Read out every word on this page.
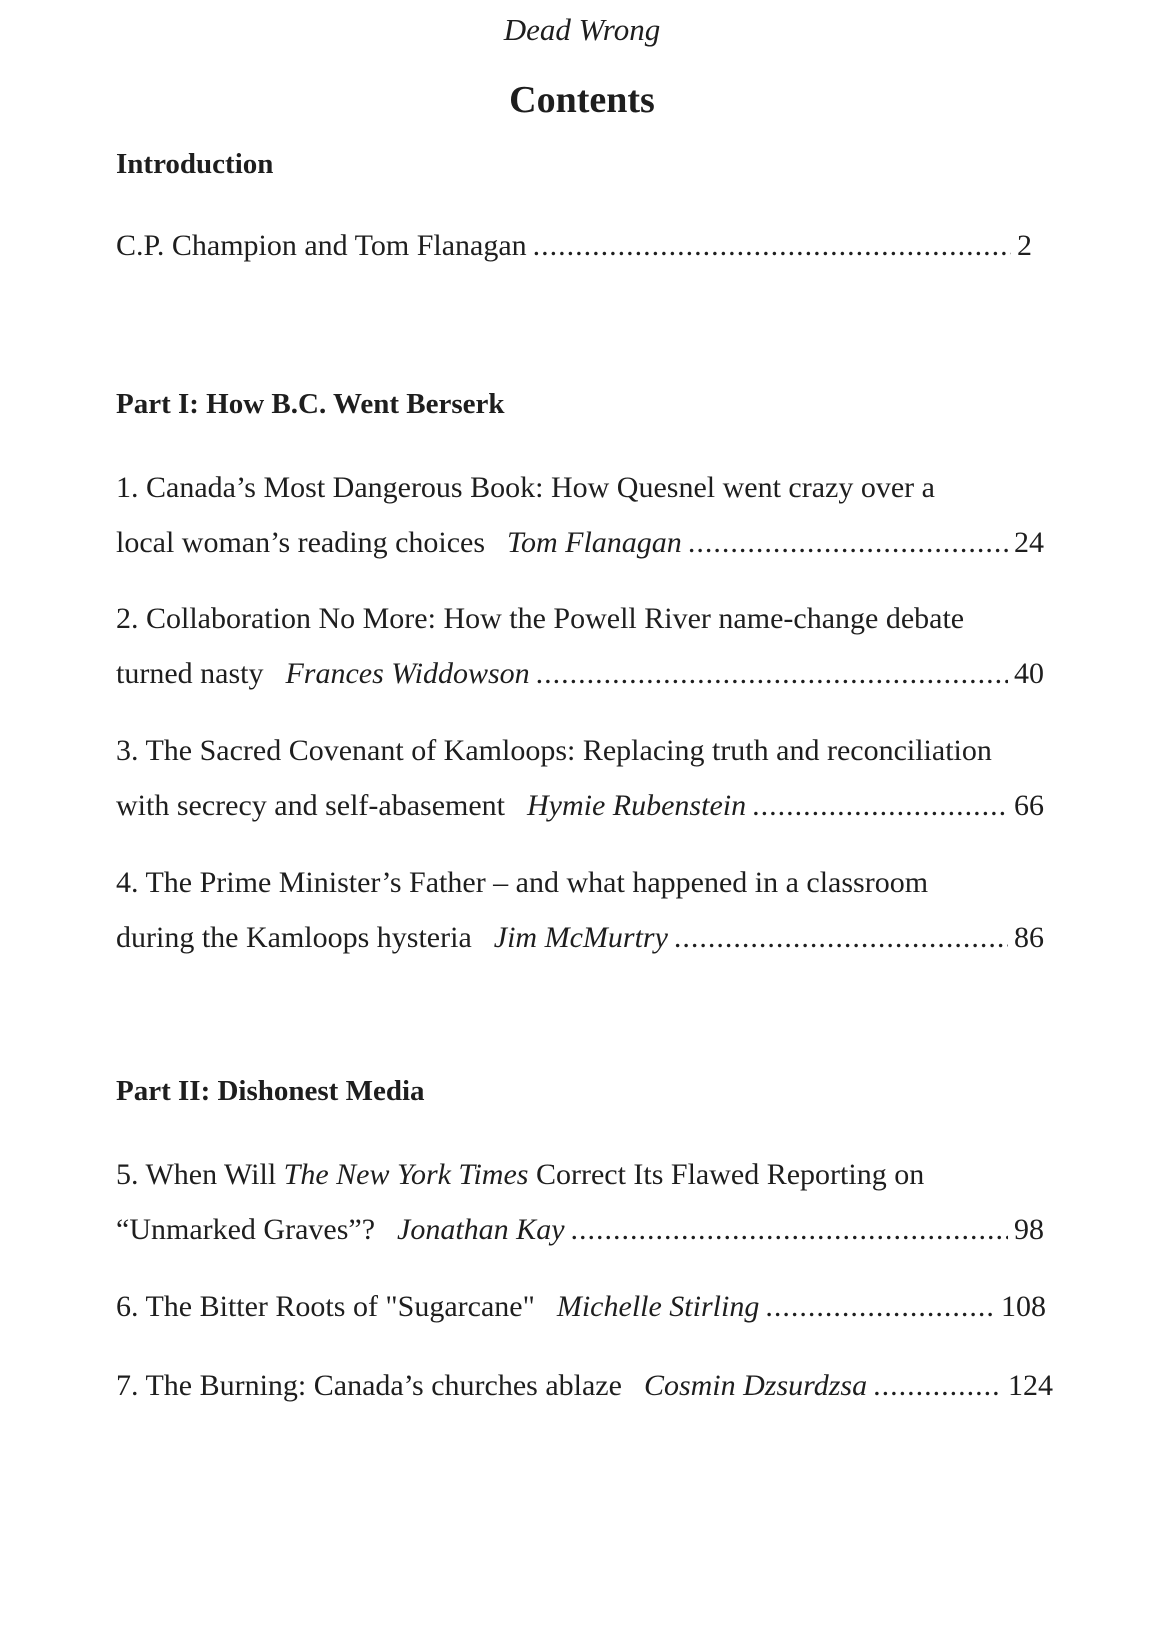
Dead Wrong
Contents
Introduction
C.P. Champion and Tom Flanagan .....	2
Part I: How B.C. Went Berserk
1. Canada’s Most Dangerous Book: How Quesnel went crazy over a
local woman’s reading choices Tom Flanagan .....	24
2. Collaboration No More: How the Powell River name-change debate
turned nasty Frances Widdowson .....	40
3. The Sacred Covenant of Kamloops: Replacing truth and reconciliation
with secrecy and self-abasement Hymie Rubenstein .....	66
4. The Prime Minister’s Father – and what happened in a classroom
during the Kamloops hysteria Jim McMurtry .....	86
Part II: Dishonest Media
5. When Will The New York Times Correct Its Flawed Reporting on
“Unmarked Graves”? Jonathan Kay .....	98
6. The Bitter Roots of "Sugarcane" Michelle Stirling .....	108
7. The Burning: Canada’s churches ablaze Cosmin Dzsurdzsa .....	124
